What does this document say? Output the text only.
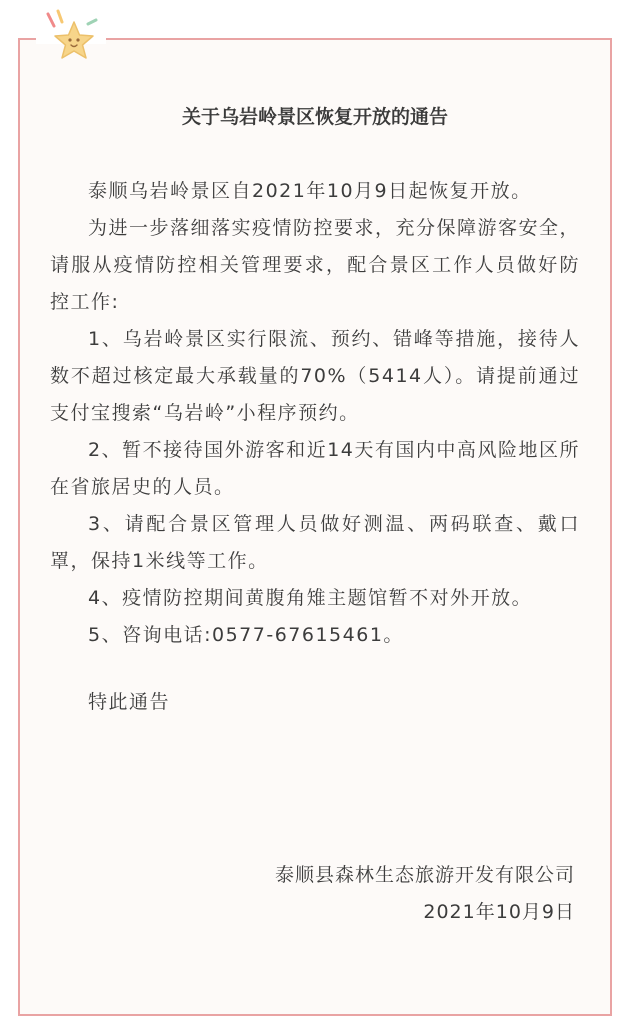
关于乌岩岭景区恢复开放的通告

泰顺乌岩岭景区自2021年10月9日起恢复开放。

为进一步落细落实疫情防控要求，充分保障游客安全，请服从疫情防控相关管理要求，配合景区工作人员做好防控工作:

1、乌岩岭景区实行限流、预约、错峰等措施，接待人数不超过核定最大承载量的70%（5414人）。请提前通过支付宝搜索“乌岩岭”小程序预约。

2、暂不接待国外游客和近14天有国内中高风险地区所在省旅居史的人员。

3、请配合景区管理人员做好测温、两码联查、戴口罩，保持1米线等工作。

4、疫情防控期间黄腹角雉主题馆暂不对外开放。

5、咨询电话:0577-67615461。

特此通告

泰顺县森林生态旅游开发有限公司
2021年10月9日
